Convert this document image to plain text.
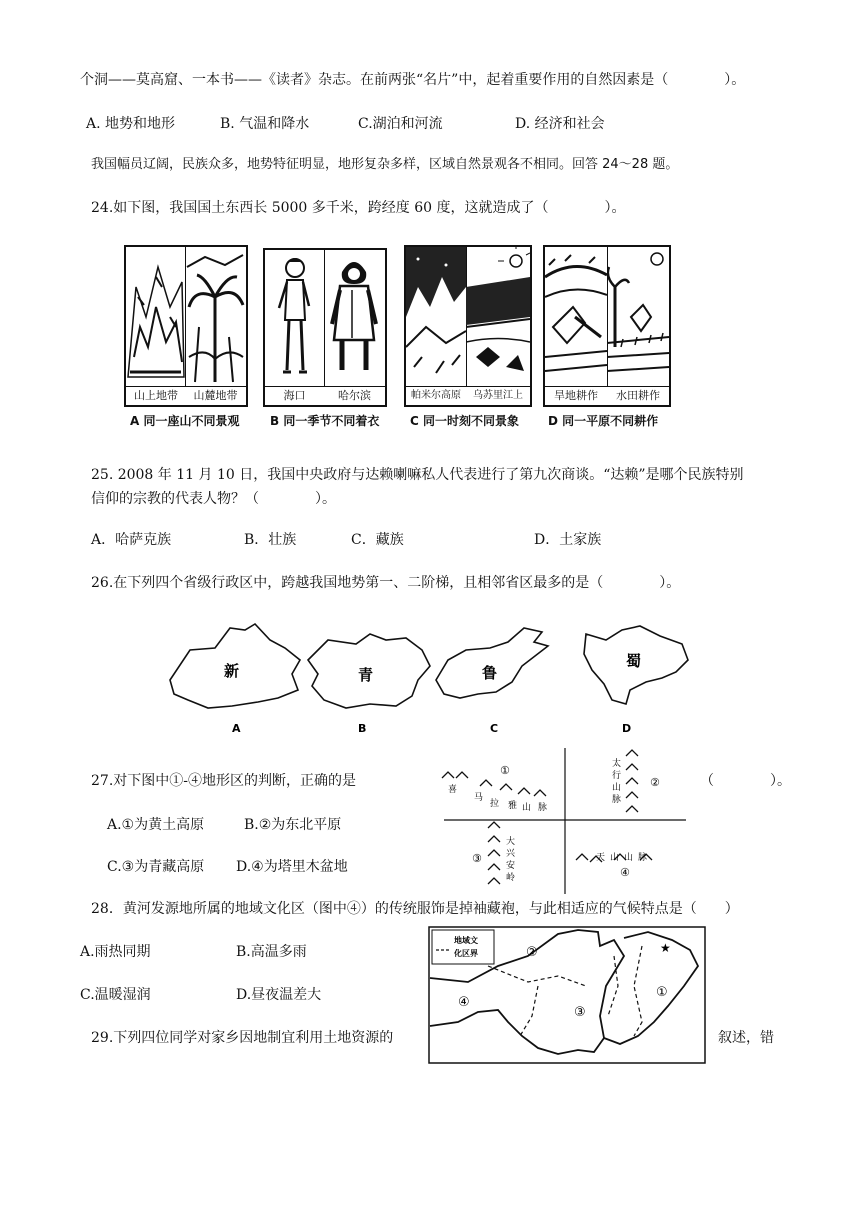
个洞——莫高窟、一本书——《读者》杂志。在前两张“名片”中，起着重要作用的自然因素是（　　　　）。
A. 地势和地形	B. 气温和降水	C.湖泊和河流	D. 经济和社会
我国幅员辽阔，民族众多，地势特征明显，地形复杂多样，区域自然景观各不相同。回答 24～28 题。
24.如下图，我国国土东西长 5000 多千米，跨经度 60 度，这就造成了（　　　　）。
山上地带	山麓地带
A 同一座山不同景观
海口	哈尔滨
B 同一季节不同着衣
帕米尔高原	乌苏里江上
C 同一时刻不同景象
旱地耕作	水田耕作
D 同一平原不同耕作
25. 2008 年 11 月 10 日，我国中央政府与达赖喇嘛私人代表进行了第九次商谈。“达赖”是哪个民族特别
信仰的宗教的代表人物？（　　　　）。
A．哈萨克族	B．壮族	C．藏族	D．土家族
26.在下列四个省级行政区中，跨越我国地势第一、二阶梯，且相邻省区最多的是（　　　　）。
新	青	鲁
蜀
A	B	C	D
27.对下图中①-④地形区的判断，正确的是	（　　　　）。
A.①为黄土高原	B.②为东北平原
C.③为青藏高原 D.④为塔里木盆地
喜
马
拉 雅 山 脉
①	太
行
山
脉
②
大
兴
安
岭
③	天 山 山 脉
④
28．黄河发源地所属的地域文化区（图中④）的传统服饰是掉袖藏袍，与此相适应的气候特点是（　　）
A.雨热同期	B.高温多雨
C.温暖湿润	D.昼夜温差大
地域文
化区界	②
④
③
①
★
29.下列四位同学对家乡因地制宜利用土地资源的	叙述，错
